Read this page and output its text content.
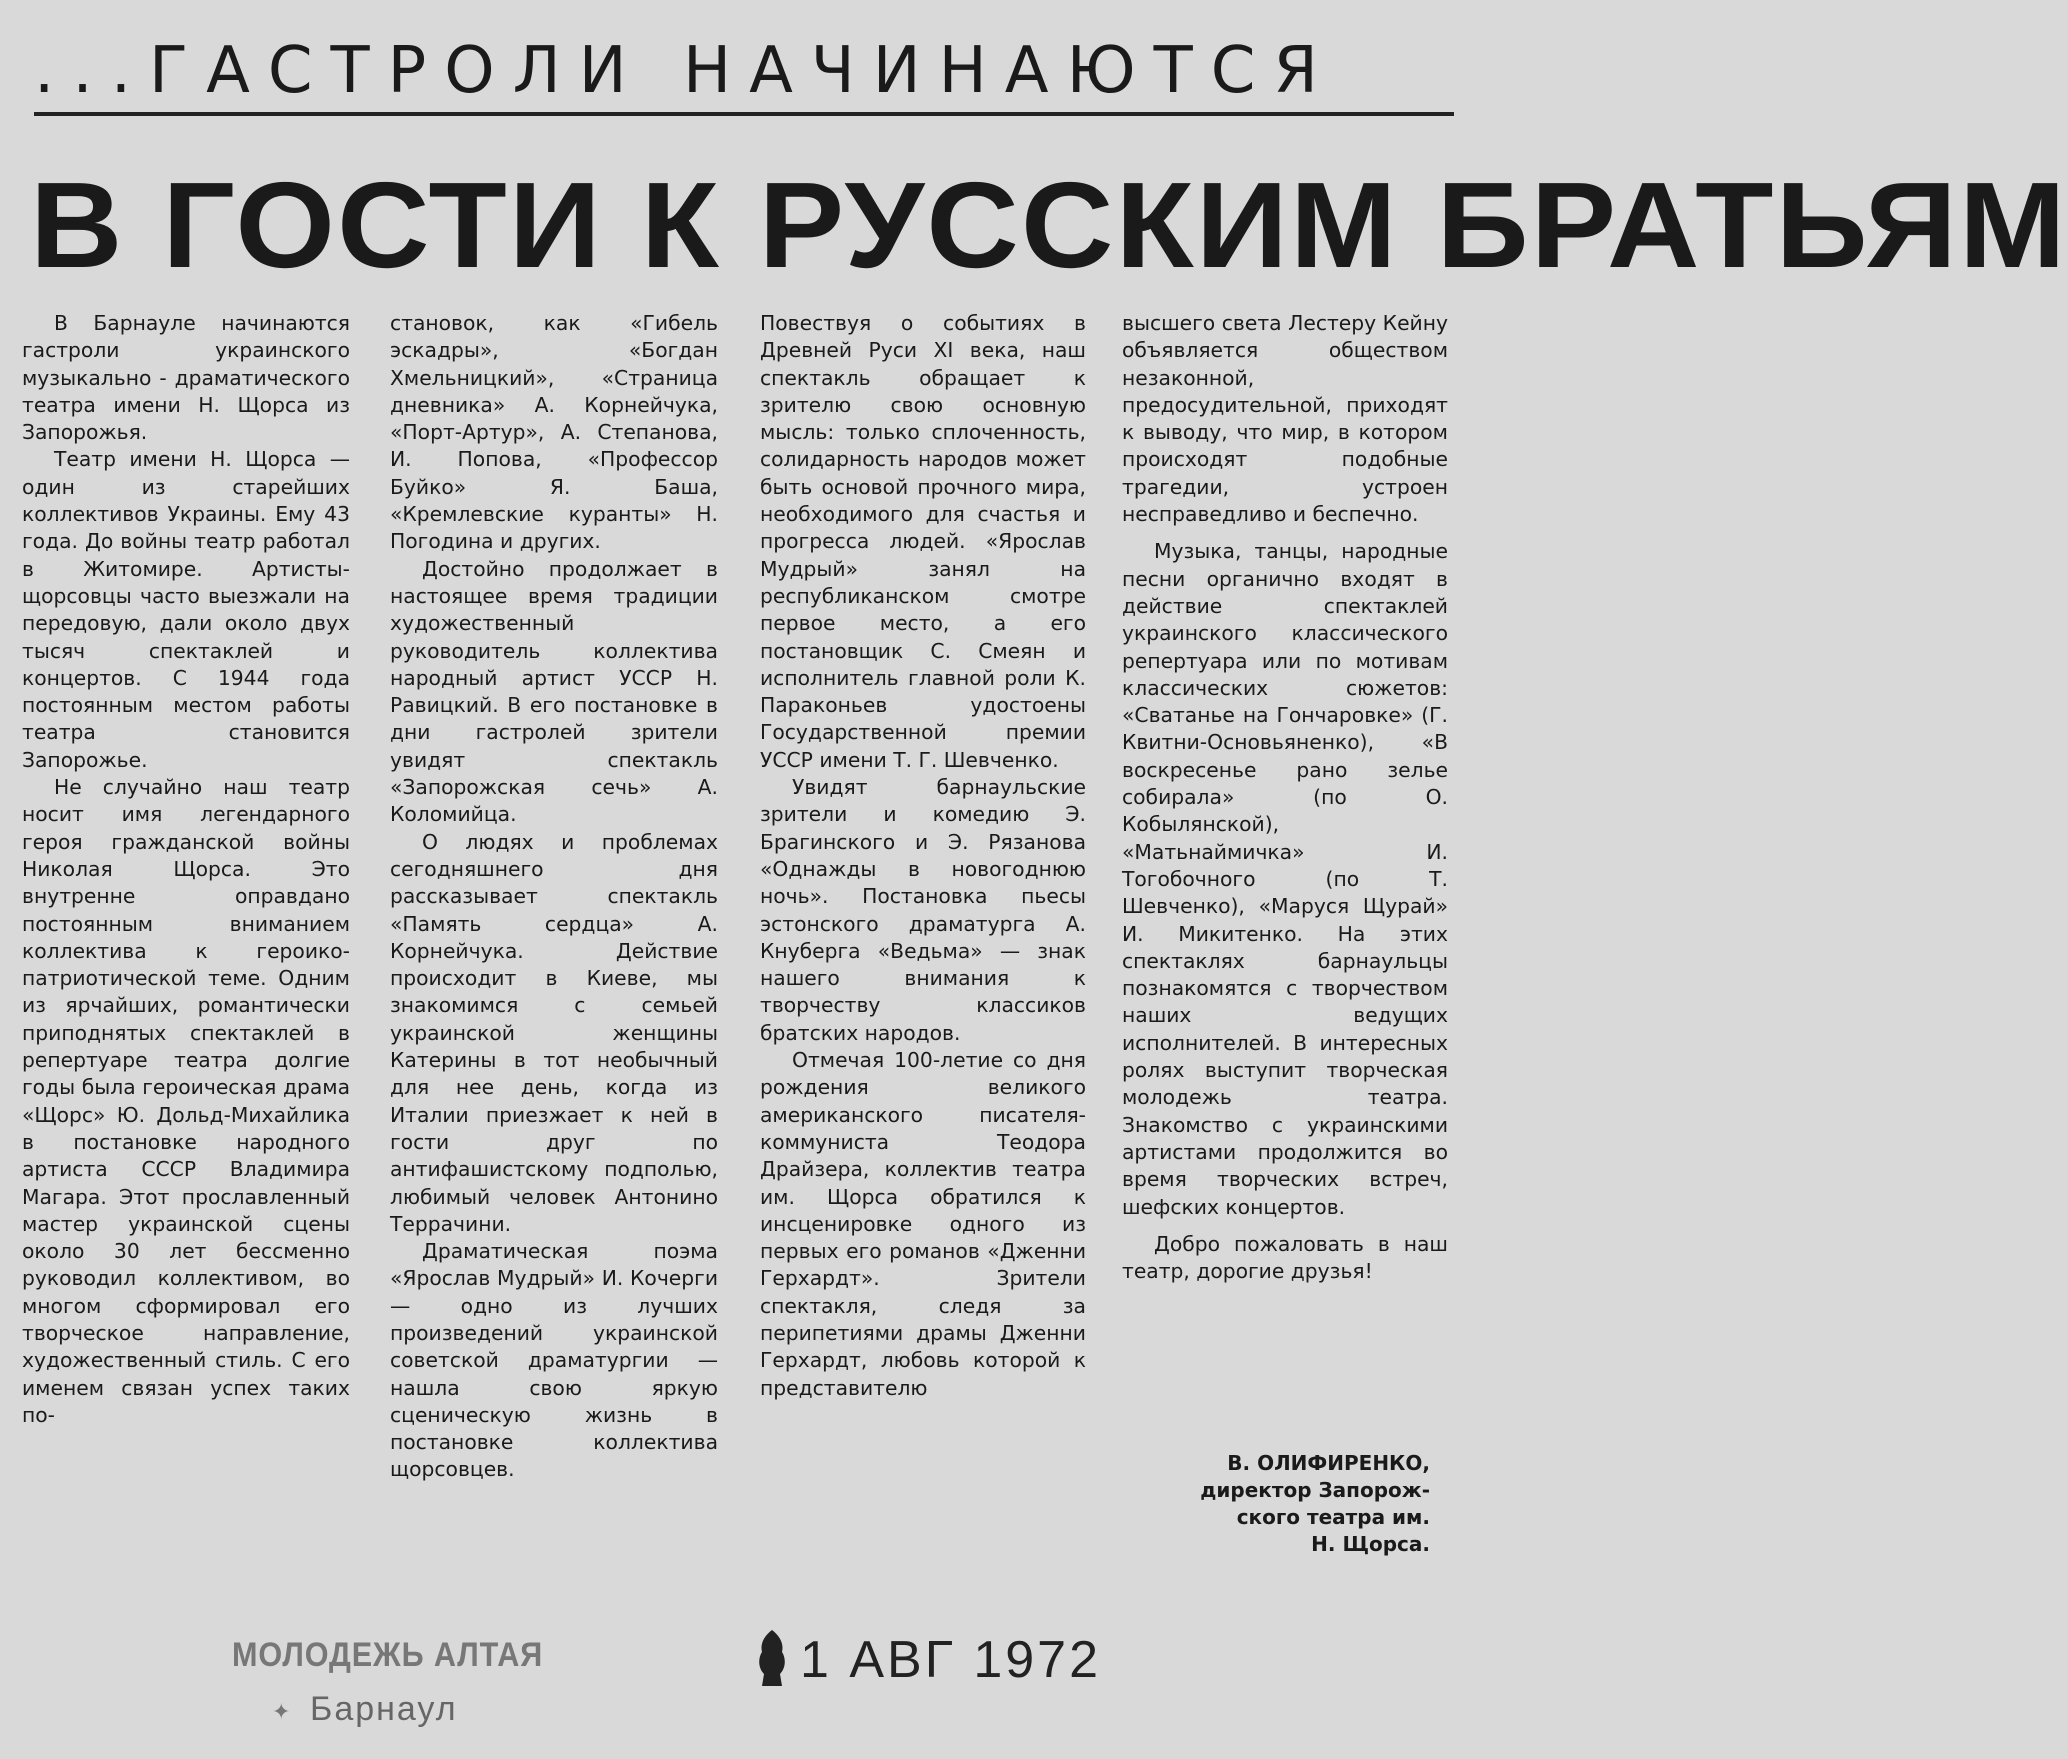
...ГАСТРОЛИ НАЧИНАЮТСЯ
В ГОСТИ К РУССКИМ БРАТЬЯМ

В Барнауле начинаются гастроли украинского музыкально - драматического театра имени Н. Щорса из Запорожья.

Театр имени Н. Щорса — один из старейших коллективов Украины. Ему 43 года. До войны театр работал в Житомире. Артисты-щорсовцы часто выезжали на передовую, дали около двух тысяч спектаклей и концертов. С 1944 года постоянным местом работы театра становится Запорожье.

Не случайно наш театр носит имя легендарного героя гражданской войны Николая Щорса. Это внутренне оправдано постоянным вниманием коллектива к героико-патриотической теме. Одним из ярчайших, романтически приподнятых спектаклей в репертуаре театра долгие годы была героическая драма «Щорс» Ю. Дольд-Михайлика в постановке народного артиста СССР Владимира Магара. Этот прославленный мастер украинской сцены около 30 лет бессменно руководил коллективом, во многом сформировал его творческое направление, художественный стиль. С его именем связан успех таких по-

становок, как «Гибель эскадры», «Богдан Хмельницкий», «Страница дневника» А. Корнейчука, «Порт-Артур», А. Степанова, И. Попова, «Профессор Буйко» Я. Баша, «Кремлевские куранты» Н. Погодина и других.

Достойно продолжает в настоящее время традиции художественный руководитель коллектива народный артист УССР Н. Равицкий. В его постановке в дни гастролей зрители увидят спектакль «Запорожская сечь» А. Коломийца.

О людях и проблемах сегодняшнего дня рассказывает спектакль «Память сердца» А. Корнейчука. Действие происходит в Киеве, мы знакомимся с семьей украинской женщины Катерины в тот необычный для нее день, когда из Италии приезжает к ней в гости друг по антифашистскому подполью, любимый человек Антонино Террачини.

Драматическая поэма «Ярослав Мудрый» И. Кочерги — одно из лучших произведений украинской советской драматургии — нашла свою яркую сценическую жизнь в постановке коллектива щорсовцев.

Повествуя о событиях в Древней Руси XI века, наш спектакль обращает к зрителю свою основную мысль: только сплоченность, солидарность народов может быть основой прочного мира, необходимого для счастья и прогресса людей. «Ярослав Мудрый» занял на республиканском смотре первое место, а его постановщик С. Смеян и исполнитель главной роли К. Параконьев удостоены Государственной премии УССР имени Т. Г. Шевченко.

Увидят барнаульские зрители и комедию Э. Брагинского и Э. Рязанова «Однажды в новогоднюю ночь». Постановка пьесы эстонского драматурга А. Кнуберга «Ведьма» — знак нашего внимания к творчеству классиков братских народов.

Отмечая 100-летие со дня рождения великого американского писателя-коммуниста Теодора Драйзера, коллектив театра им. Щорса обратился к инсценировке одного из первых его романов «Дженни Герхардт». Зрители спектакля, следя за перипетиями драмы Дженни Герхардт, любовь которой к представителю

высшего света Лестеру Кейну объявляется обществом незаконной, предосудительной, приходят к выводу, что мир, в котором происходят подобные трагедии, устроен несправедливо и беспечно.

Музыка, танцы, народные песни органично входят в действие спектаклей украинского классического репертуара или по мотивам классических сюжетов: «Сватанье на Гончаровке» (Г. Квитни-Основьяненко), «В воскресенье рано зелье собирала» (по О. Кобылянской), «Матьнаймичка» И. Тогобочного (по Т. Шевченко), «Маруся Щурай» И. Микитенко. На этих спектаклях барнаульцы познакомятся с творчеством наших ведущих исполнителей. В интересных ролях выступит творческая молодежь театра. Знакомство с украинскими артистами продолжится во время творческих встреч, шефских концертов.

Добро пожаловать в наш театр, дорогие друзья!

В. ОЛИФИРЕНКО,
директор Запорож-
ского театра им.
Н. Щорса.
МОЛОДЕЖЬ АЛТАЯ
✦ Барнаул
1 АВГ 1972
